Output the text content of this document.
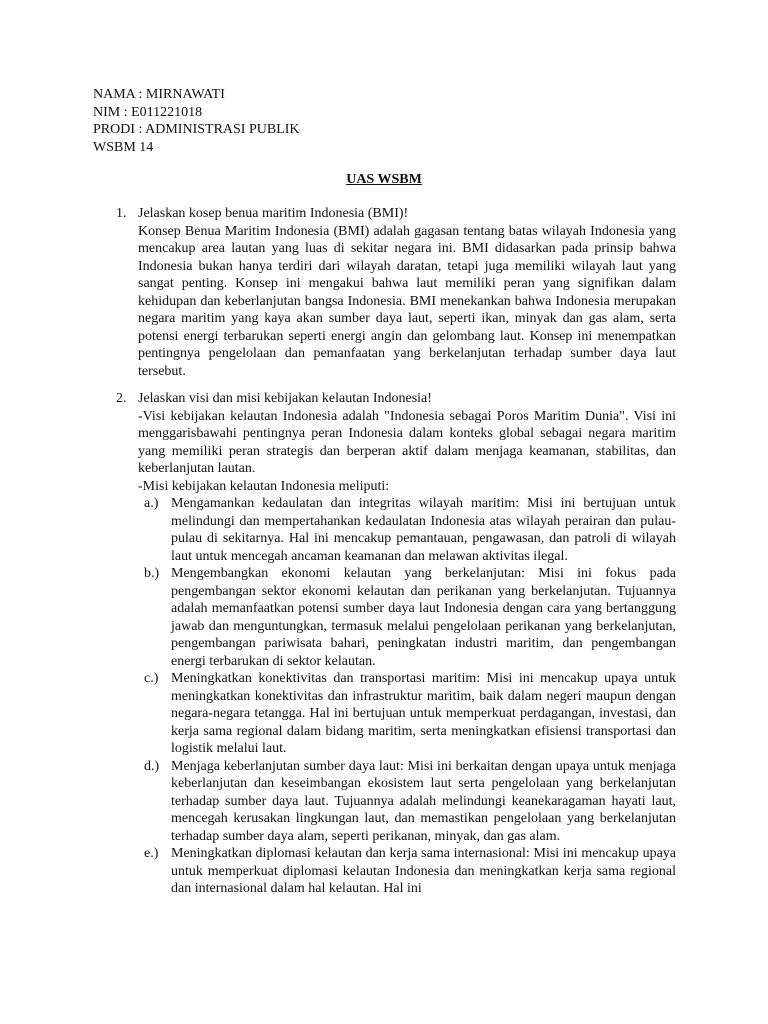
NAMA : MIRNAWATI
NIM : E011221018
PRODI : ADMINISTRASI PUBLIK
WSBM 14
UAS WSBM
1. Jelaskan kosep benua maritim Indonesia (BMI)!

Konsep Benua Maritim Indonesia (BMI) adalah gagasan tentang batas wilayah Indonesia yang mencakup area lautan yang luas di sekitar negara ini. BMI didasarkan pada prinsip bahwa Indonesia bukan hanya terdiri dari wilayah daratan, tetapi juga memiliki wilayah laut yang sangat penting. Konsep ini mengakui bahwa laut memiliki peran yang signifikan dalam kehidupan dan keberlanjutan bangsa Indonesia. BMI menekankan bahwa Indonesia merupakan negara maritim yang kaya akan sumber daya laut, seperti ikan, minyak dan gas alam, serta potensi energi terbarukan seperti energi angin dan gelombang laut. Konsep ini menempatkan pentingnya pengelolaan dan pemanfaatan yang berkelanjutan terhadap sumber daya laut tersebut.

2. Jelaskan visi dan misi kebijakan kelautan Indonesia!

-Visi kebijakan kelautan Indonesia adalah "Indonesia sebagai Poros Maritim Dunia". Visi ini menggarisbawahi pentingnya peran Indonesia dalam konteks global sebagai negara maritim yang memiliki peran strategis dan berperan aktif dalam menjaga keamanan, stabilitas, dan keberlanjutan lautan.

-Misi kebijakan kelautan Indonesia meliputi:

a.) Mengamankan kedaulatan dan integritas wilayah maritim: Misi ini bertujuan untuk melindungi dan mempertahankan kedaulatan Indonesia atas wilayah perairan dan pulau-pulau di sekitarnya. Hal ini mencakup pemantauan, pengawasan, dan patroli di wilayah laut untuk mencegah ancaman keamanan dan melawan aktivitas ilegal.
b.) Mengembangkan ekonomi kelautan yang berkelanjutan: Misi ini fokus pada pengembangan sektor ekonomi kelautan dan perikanan yang berkelanjutan. Tujuannya adalah memanfaatkan potensi sumber daya laut Indonesia dengan cara yang bertanggung jawab dan menguntungkan, termasuk melalui pengelolaan perikanan yang berkelanjutan, pengembangan pariwisata bahari, peningkatan industri maritim, dan pengembangan energi terbarukan di sektor kelautan.
c.) Meningkatkan konektivitas dan transportasi maritim: Misi ini mencakup upaya untuk meningkatkan konektivitas dan infrastruktur maritim, baik dalam negeri maupun dengan negara-negara tetangga. Hal ini bertujuan untuk memperkuat perdagangan, investasi, dan kerja sama regional dalam bidang maritim, serta meningkatkan efisiensi transportasi dan logistik melalui laut.
d.) Menjaga keberlanjutan sumber daya laut: Misi ini berkaitan dengan upaya untuk menjaga keberlanjutan dan keseimbangan ekosistem laut serta pengelolaan yang berkelanjutan terhadap sumber daya laut. Tujuannya adalah melindungi keanekaragaman hayati laut, mencegah kerusakan lingkungan laut, dan memastikan pengelolaan yang berkelanjutan terhadap sumber daya alam, seperti perikanan, minyak, dan gas alam.
e.) Meningkatkan diplomasi kelautan dan kerja sama internasional: Misi ini mencakup upaya untuk memperkuat diplomasi kelautan Indonesia dan meningkatkan kerja sama regional dan internasional dalam hal kelautan. Hal ini
